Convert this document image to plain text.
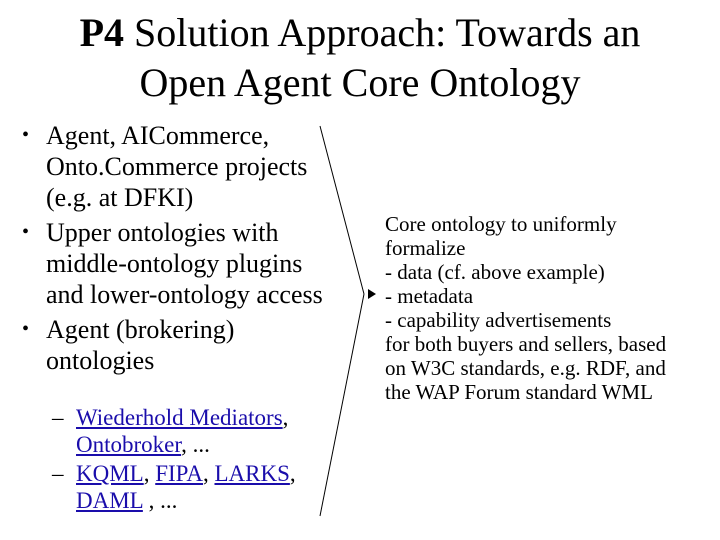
P4 Solution Approach: Towards an
Open Agent Core Ontology
• Agent, AICommerce,
Onto.Commerce projects
(e.g. at DFKI)
• Upper ontologies with
middle-ontology plugins
and lower-ontology access
• Agent (brokering)
ontologies
– Wiederhold Mediators,
Ontobroker, ...
– KQML, FIPA, LARKS,
DAML , ...
Core ontology to uniformly
formalize
- data (cf. above example)
- metadata
- capability advertisements
for both buyers and sellers, based
on W3C standards, e.g. RDF, and
the WAP Forum standard WML
